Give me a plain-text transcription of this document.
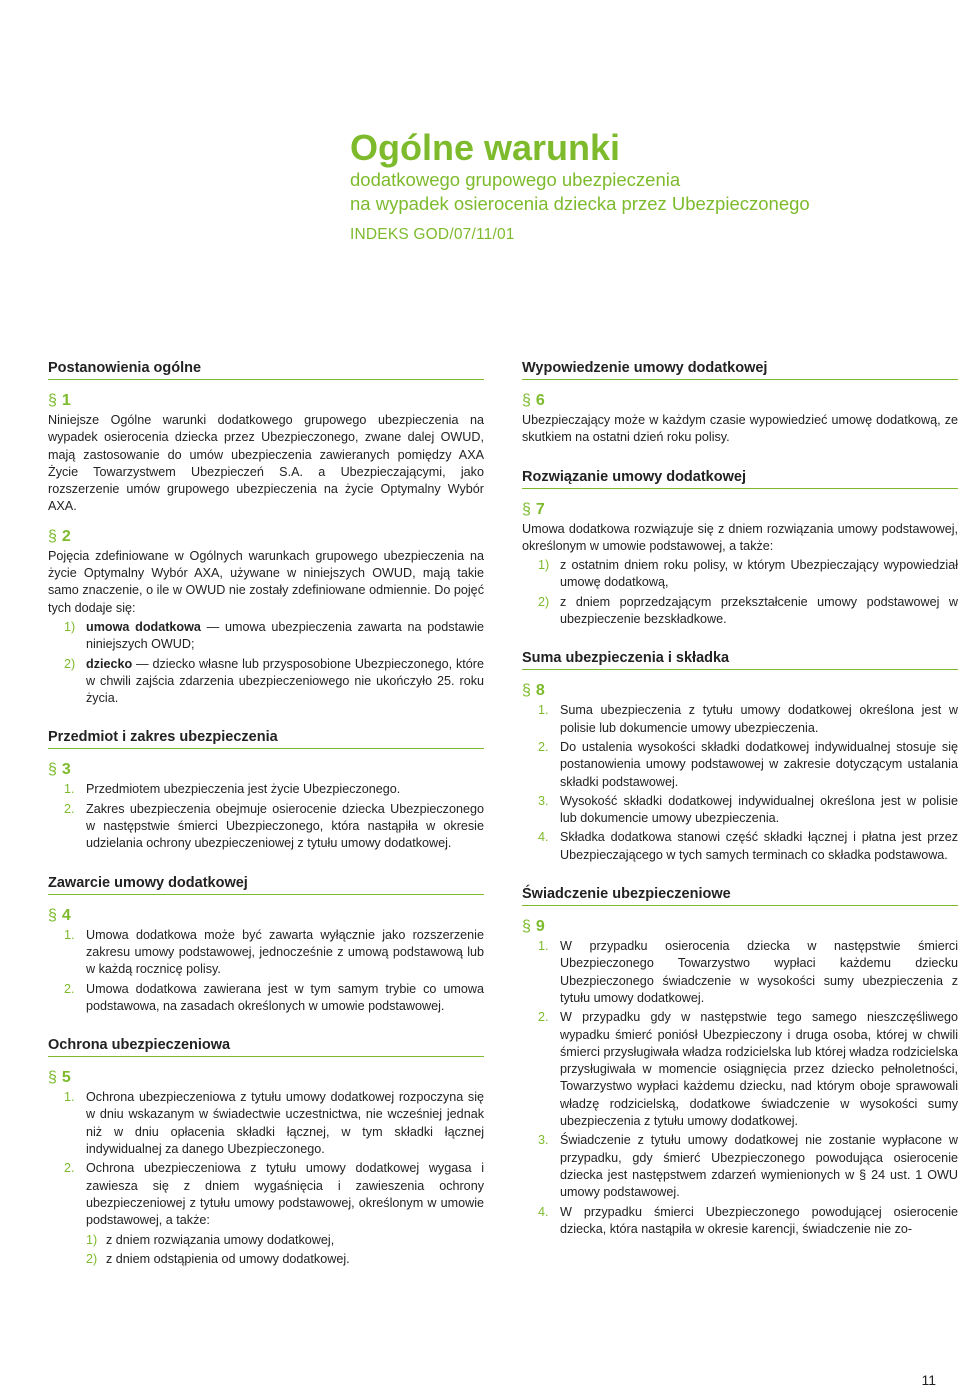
Ogólne warunki
dodatkowego grupowego ubezpieczenia
na wypadek osierocenia dziecka przez Ubezpieczonego
INDEKS GOD/07/11/01
Postanowienia ogólne
§ 1

Niniejsze Ogólne warunki dodatkowego grupowego ubezpieczenia na wypadek osierocenia dziecka przez Ubezpieczonego, zwane dalej OWUD, mają zastosowanie do umów ubezpieczenia zawieranych pomiędzy AXA Życie Towarzystwem Ubezpieczeń S.A. a Ubezpieczającymi, jako rozszerzenie umów grupowego ubezpieczenia na życie Optymalny Wybór AXA.

§ 2

Pojęcia zdefiniowane w Ogólnych warunkach grupowego ubezpieczenia na życie Optymalny Wybór AXA, używane w niniejszych OWUD, mają takie samo znaczenie, o ile w OWUD nie zostały zdefiniowane odmiennie. Do pojęć tych dodaje się:

1) umowa dodatkowa — umowa ubezpieczenia zawarta na podstawie niniejszych OWUD;
2) dziecko — dziecko własne lub przysposobione Ubezpieczonego, które w chwili zajścia zdarzenia ubezpieczeniowego nie ukończyło 25. roku życia.
Przedmiot i zakres ubezpieczenia
§ 3
1. Przedmiotem ubezpieczenia jest życie Ubezpieczonego.
2. Zakres ubezpieczenia obejmuje osierocenie dziecka Ubezpieczonego w następstwie śmierci Ubezpieczonego, która nastąpiła w okresie udzielania ochrony ubezpieczeniowej z tytułu umowy dodatkowej.
Zawarcie umowy dodatkowej
§ 4
1. Umowa dodatkowa może być zawarta wyłącznie jako rozszerzenie zakresu umowy podstawowej, jednocześnie z umową podstawową lub w każdą rocznicę polisy.
2. Umowa dodatkowa zawierana jest w tym samym trybie co umowa podstawowa, na zasadach określonych w umowie podstawowej.
Ochrona ubezpieczeniowa
§ 5
1. Ochrona ubezpieczeniowa z tytułu umowy dodatkowej rozpoczyna się w dniu wskazanym w świadectwie uczestnictwa, nie wcześniej jednak niż w dniu opłacenia składki łącznej, w tym składki łącznej indywidualnej za danego Ubezpieczonego.
2. Ochrona ubezpieczeniowa z tytułu umowy dodatkowej wygasa i zawiesza się z dniem wygaśnięcia i zawieszenia ochrony ubezpieczeniowej z tytułu umowy podstawowej, określonym w umowie podstawowej, a także:
1) z dniem rozwiązania umowy dodatkowej,
2) z dniem odstąpienia od umowy dodatkowej.
Wypowiedzenie umowy dodatkowej
§ 6

Ubezpieczający może w każdym czasie wypowiedzieć umowę dodatkową, ze skutkiem na ostatni dzień roku polisy.

Rozwiązanie umowy dodatkowej
§ 7

Umowa dodatkowa rozwiązuje się z dniem rozwiązania umowy podstawowej, określonym w umowie podstawowej, a także:

1) z ostatnim dniem roku polisy, w którym Ubezpieczający wypowiedział umowę dodatkową,
2) z dniem poprzedzającym przekształcenie umowy podstawowej w ubezpieczenie bezskładkowe.
Suma ubezpieczenia i składka
§ 8
1. Suma ubezpieczenia z tytułu umowy dodatkowej określona jest w polisie lub dokumencie umowy ubezpieczenia.
2. Do ustalenia wysokości składki dodatkowej indywidualnej stosuje się postanowienia umowy podstawowej w zakresie dotyczącym ustalania składki podstawowej.
3. Wysokość składki dodatkowej indywidualnej określona jest w polisie lub dokumencie umowy ubezpieczenia.
4. Składka dodatkowa stanowi część składki łącznej i płatna jest przez Ubezpieczającego w tych samych terminach co składka podstawowa.
Świadczenie ubezpieczeniowe
§ 9
1. W przypadku osierocenia dziecka w następstwie śmierci Ubezpieczonego Towarzystwo wypłaci każdemu dziecku Ubezpieczonego świadczenie w wysokości sumy ubezpieczenia z tytułu umowy dodatkowej.
2. W przypadku gdy w następstwie tego samego nieszczęśliwego wypadku śmierć poniósł Ubezpieczony i druga osoba, której w chwili śmierci przysługiwała władza rodzicielska lub której władza rodzicielska przysługiwała w momencie osiągnięcia przez dziecko pełnoletności, Towarzystwo wypłaci każdemu dziecku, nad którym oboje sprawowali władzę rodzicielską, dodatkowe świadczenie w wysokości sumy ubezpieczenia z tytułu umowy dodatkowej.
3. Świadczenie z tytułu umowy dodatkowej nie zostanie wypłacone w przypadku, gdy śmierć Ubezpieczonego powodująca osierocenie dziecka jest następstwem zdarzeń wymienionych w § 24 ust. 1 OWU umowy podstawowej.
4. W przypadku śmierci Ubezpieczonego powodującej osierocenie dziecka, która nastąpiła w okresie karencji, świadczenie nie zo-
11
